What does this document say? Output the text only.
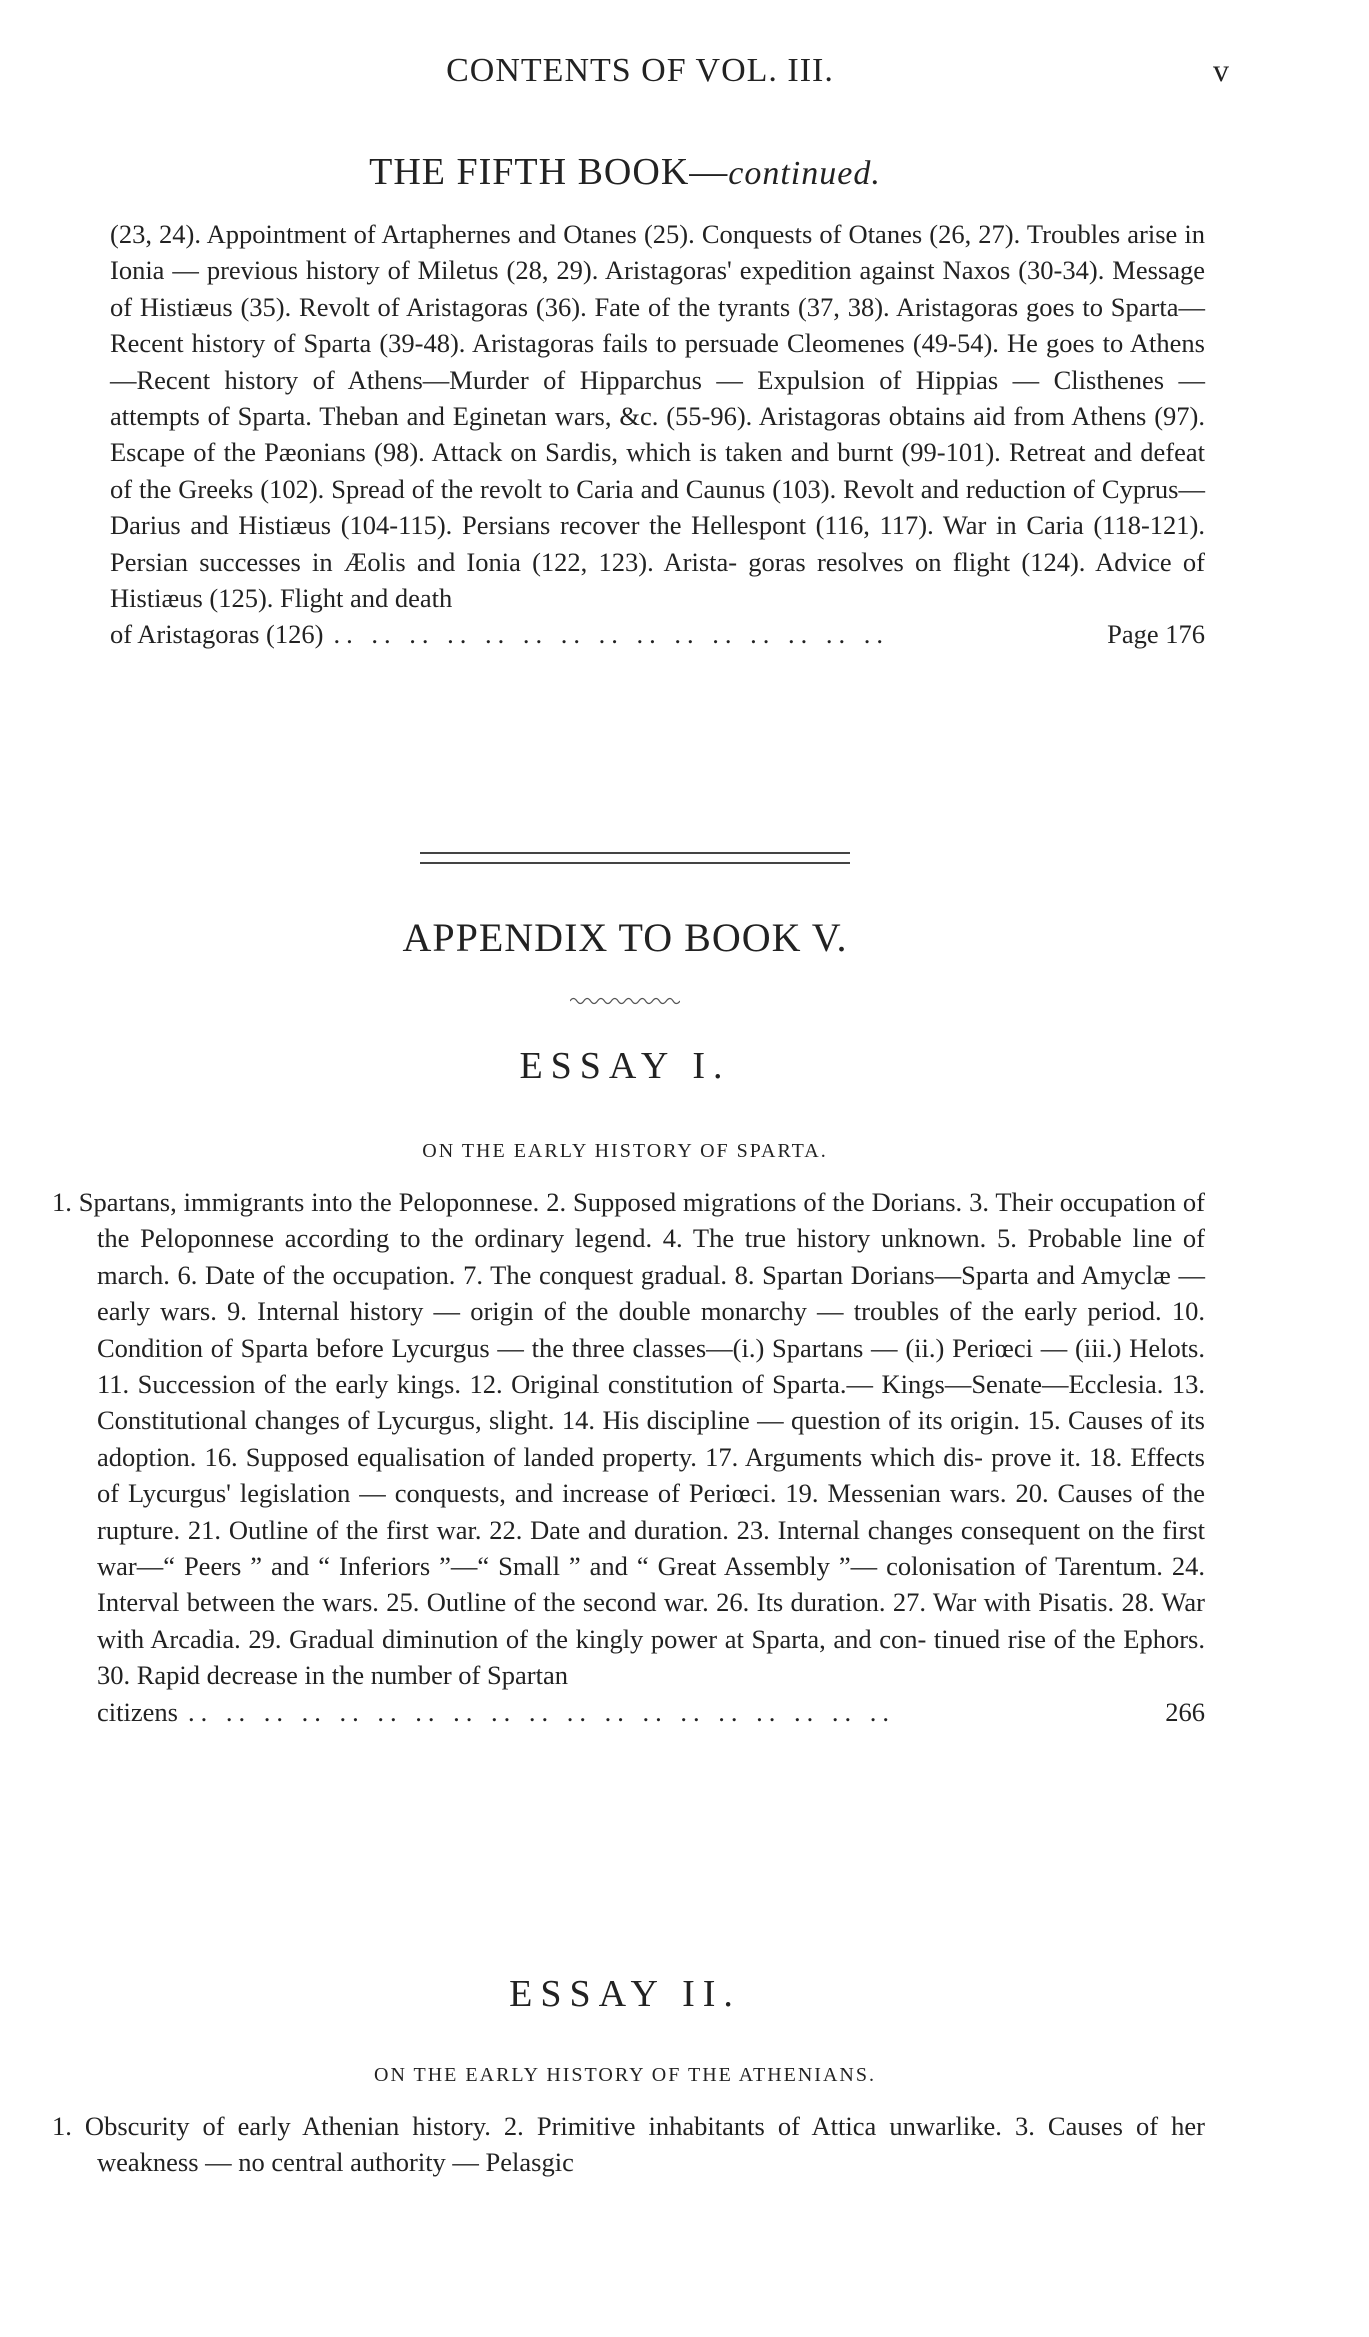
CONTENTS OF VOL. III.	v
THE FIFTH BOOK—continued.
(23, 24). Appointment of Artaphernes and Otanes (25). Conquests of Otanes (26, 27). Troubles arise in Ionia — previous history of Miletus (28, 29). Aristagoras' expedition against Naxos (30-34). Message of Histiæus (35). Revolt of Aristagoras (36). Fate of the tyrants (37, 38). Aristagoras goes to Sparta—Recent history of Sparta (39-48). Aristagoras fails to persuade Cleomenes (49-54). He goes to Athens—Recent history of Athens—Murder of Hipparchus — Expulsion of Hippias — Clisthenes — attempts of Sparta. Theban and Eginetan wars, &c. (55-96). Aristagoras obtains aid from Athens (97). Escape of the Pæonians (98). Attack on Sardis, which is taken and burnt (99-101). Retreat and defeat of the Greeks (102). Spread of the revolt to Caria and Caunus (103). Revolt and reduction of Cyprus—Darius and Histiæus (104-115). Persians recover the Hellespont (116, 117). War in Caria (118-121). Persian successes in Æolis and Ionia (122, 123). Arista- goras resolves on flight (124). Advice of Histiæus (125). Flight and death
of Aristagoras (126) .. .. .. .. .. .. .. .. .. .. .. .. .. .. ..	Page 176
APPENDIX TO BOOK V.
ESSAY I.
ON THE EARLY HISTORY OF SPARTA.
1. Spartans, immigrants into the Peloponnese. 2. Supposed migrations of the Dorians. 3. Their occupation of the Peloponnese according to the ordinary legend. 4. The true history unknown. 5. Probable line of march. 6. Date of the occupation. 7. The conquest gradual. 8. Spartan Dorians—Sparta and Amyclæ — early wars. 9. Internal history — origin of the double monarchy — troubles of the early period. 10. Condition of Sparta before Lycurgus — the three classes—(i.) Spartans — (ii.) Periœci — (iii.) Helots. 11. Succession of the early kings. 12. Original constitution of Sparta.— Kings—Senate—Ecclesia. 13. Constitutional changes of Lycurgus, slight. 14. His discipline — question of its origin. 15. Causes of its adoption. 16. Supposed equalisation of landed property. 17. Arguments which dis- prove it. 18. Effects of Lycurgus' legislation — conquests, and increase of Periœci. 19. Messenian wars. 20. Causes of the rupture. 21. Outline of the first war. 22. Date and duration. 23. Internal changes consequent on the first war—“ Peers ” and “ Inferiors ”—“ Small ” and “ Great Assembly ”— colonisation of Tarentum. 24. Interval between the wars. 25. Outline of the second war. 26. Its duration. 27. War with Pisatis. 28. War with Arcadia. 29. Gradual diminution of the kingly power at Sparta, and con- tinued rise of the Ephors. 30. Rapid decrease in the number of Spartan
citizens .. .. .. .. .. .. .. .. .. .. .. .. .. .. .. .. .. .. ..	266
ESSAY II.
ON THE EARLY HISTORY OF THE ATHENIANS.
1. Obscurity of early Athenian history. 2. Primitive inhabitants of Attica unwarlike. 3. Causes of her weakness — no central authority — Pelasgic
